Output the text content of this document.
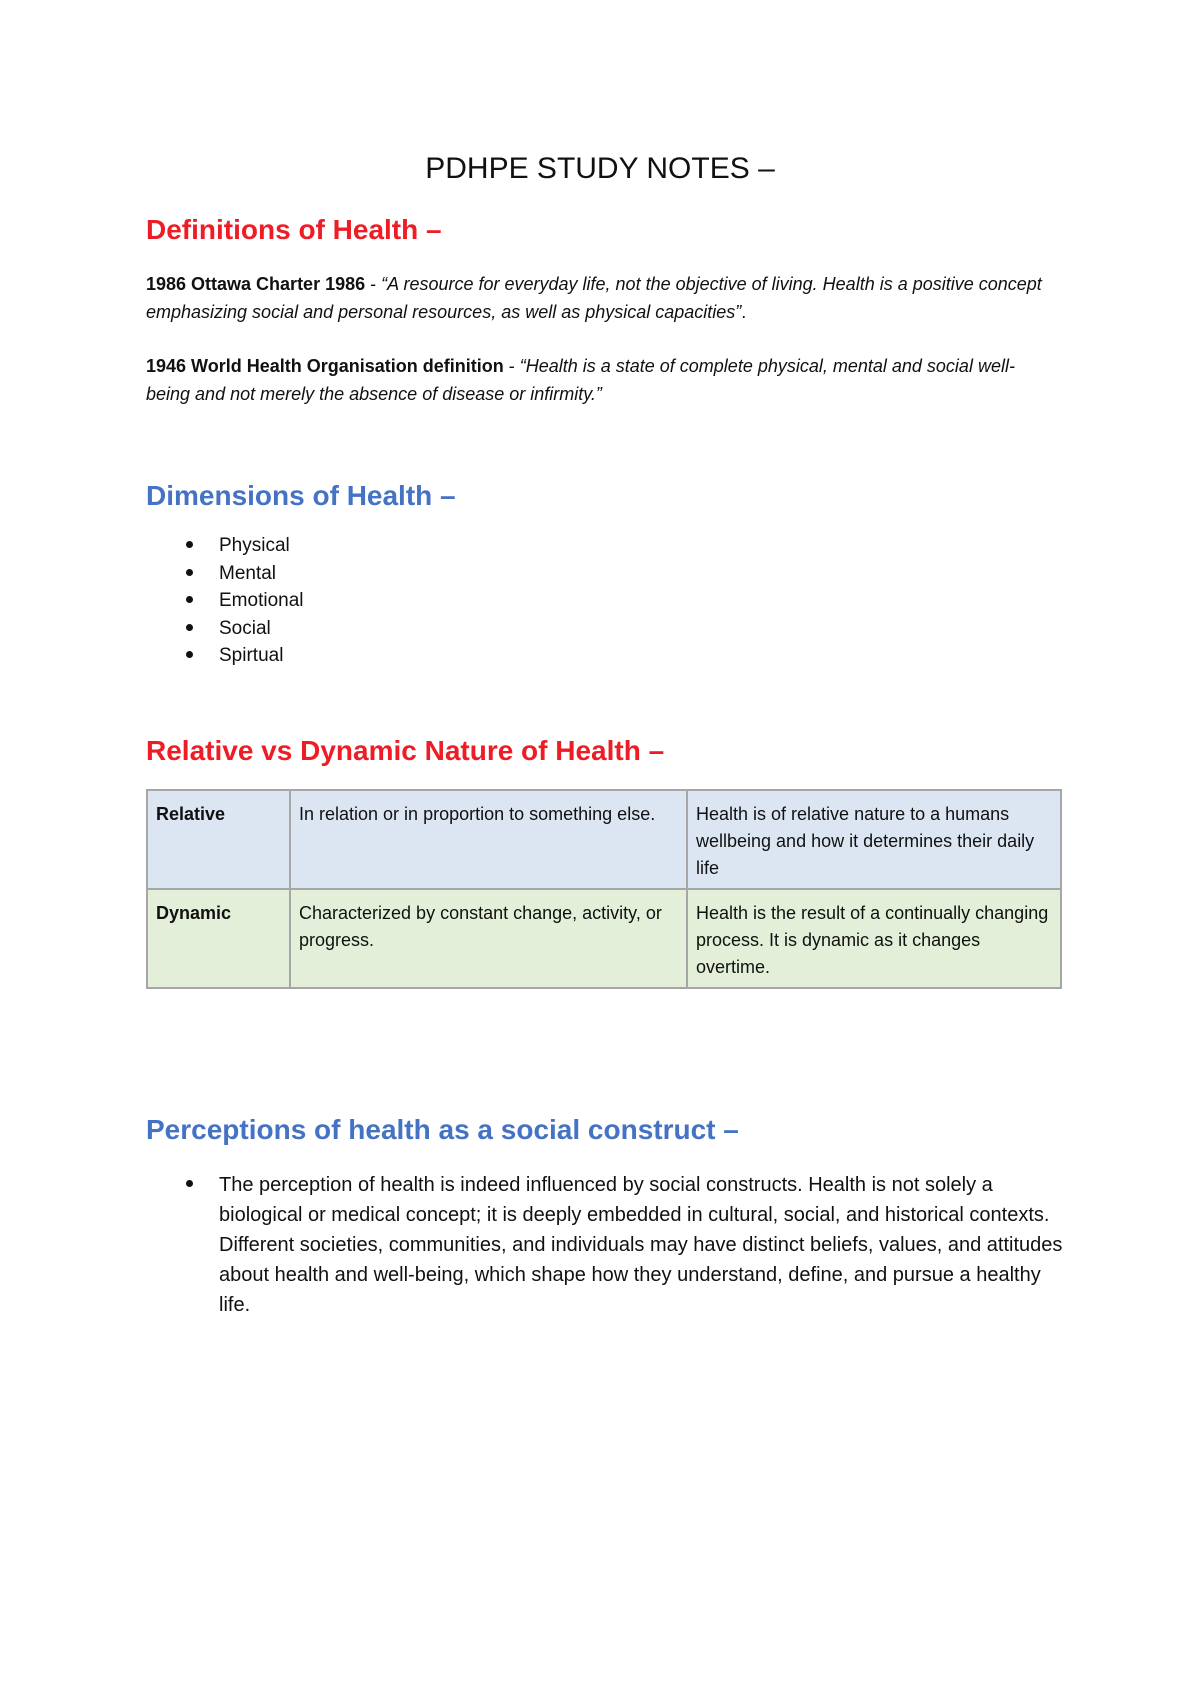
PDHPE STUDY NOTES –
Definitions of Health –

1986 Ottawa Charter 1986 - “A resource for everyday life, not the objective of living. Health is a positive concept emphasizing social and personal resources, as well as physical capacities”.

1946 World Health Organisation definition - “Health is a state of complete physical, mental and social well-being and not merely the absence of disease or infirmity.”

Dimensions of Health –
Physical
Mental
Emotional
Social
Spirtual
Relative vs Dynamic Nature of Health –
Relative	In relation or in proportion to something else.	Health is of relative nature to a humans wellbeing and how it determines their daily life
Dynamic	Characterized by constant change, activity, or progress.	Health is the result of a continually changing process. It is dynamic as it changes overtime.
Perceptions of health as a social construct –
The perception of health is indeed influenced by social constructs. Health is not solely a biological or medical concept; it is deeply embedded in cultural, social, and historical contexts. Different societies, communities, and individuals may have distinct beliefs, values, and attitudes about health and well-being, which shape how they understand, define, and pursue a healthy life.
